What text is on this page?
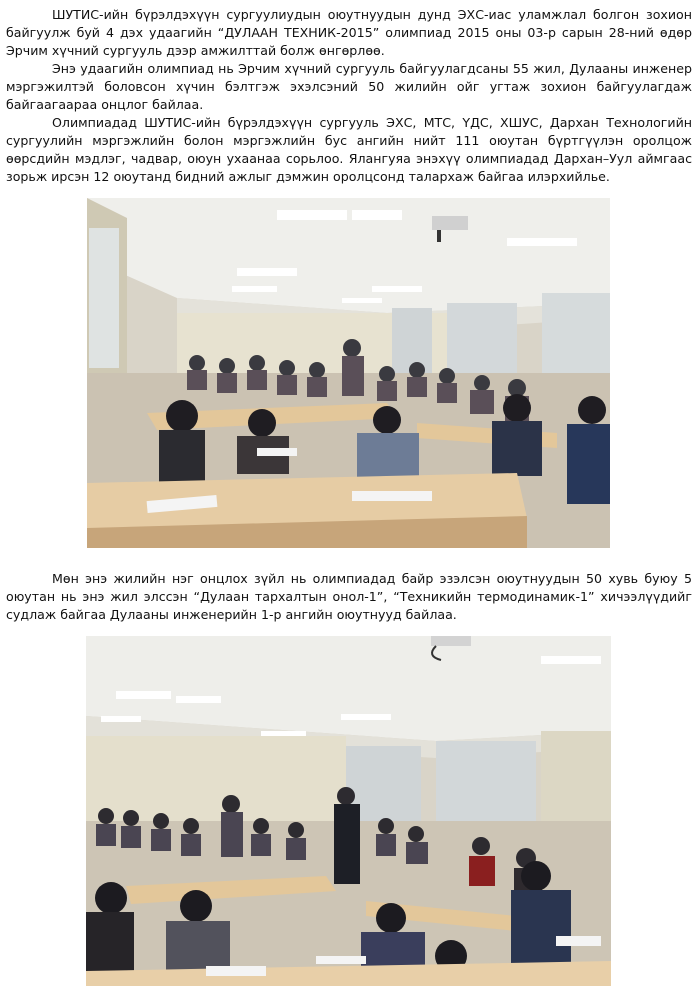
ШУТИС-ийн бүрэлдэхүүн сургуулиудын оюутнуудын дунд ЭХС-иас уламжлал болгон зохион байгуулж буй 4 дэх удаагийн “ДУЛААН ТЕХНИК-2015” олимпиад 2015 оны 03-р сарын 28-ний өдөр Эрчим хүчний сургууль дээр амжилттай болж өнгөрлөө.

Энэ удаагийн олимпиад нь Эрчим хүчний сургууль байгуулагдсаны 55 жил, Дулааны инженер мэргэжилтэй боловсон хүчин бэлтгэж эхэлсэний 50 жилийн ойг угтаж зохион байгуулагдаж байгаагаараа онцлог байлаа.

Олимпиадад ШУТИС-ийн бүрэлдэхүүн сургууль ЭХС, МТС, ҮДС, ХШУС, Дархан Технологийн сургуулийн мэргэжлийн болон мэргэжлийн бус ангийн нийт 111 оюутан бүртгүүлэн оролцож өөрсдийн мэдлэг, чадвар, оюун ухаанаа сорьлоо. Ялангуяа энэхүү олимпиадад Дархан–Уул аймгаас зорьж ирсэн 12 оюутанд бидний ажлыг дэмжин оролцсонд талархаж байгаа илэрхийлье.

Мөн энэ жилийн нэг онцлох зүйл нь олимпиадад байр эзэлсэн оюутнуудын 50 хувь буюу 5 оюутан нь энэ жил элссэн “Дулаан тархалтын онол-1”, “Техникийн термодинамик-1” хичээлүүдийг судлаж байгаа Дулааны инженерийн 1-р ангийн оюутнууд байлаа.
